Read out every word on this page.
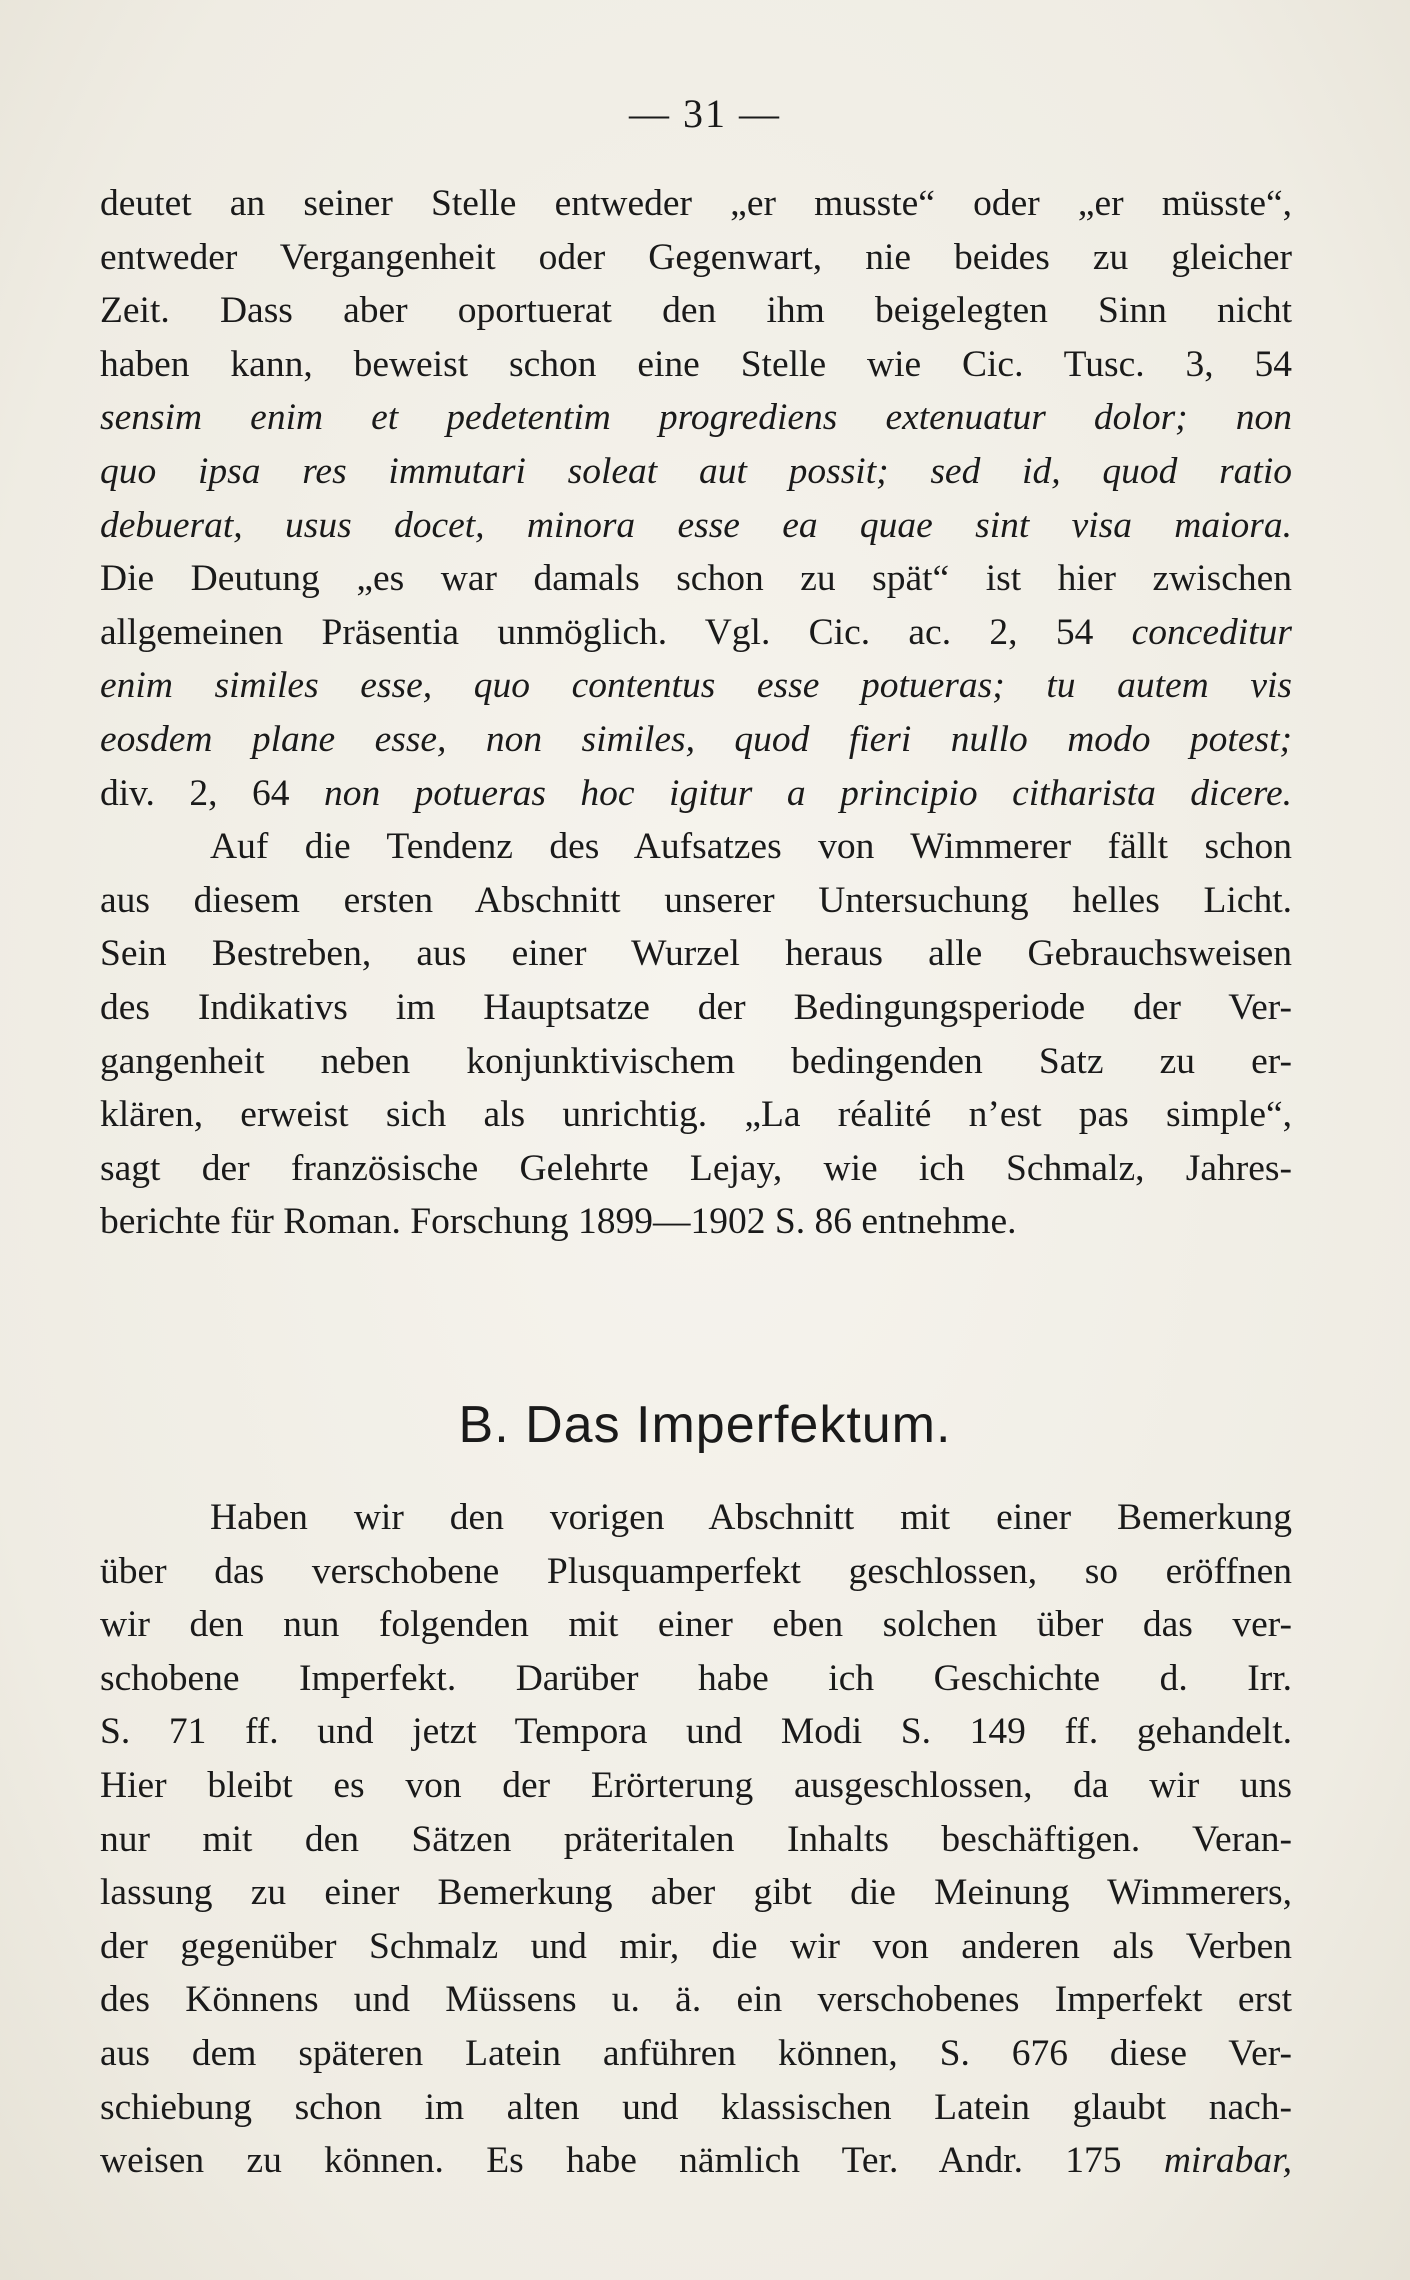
— 31 —
deutet an seiner Stelle entweder „er musste“ oder „er müsste“,
entweder Vergangenheit oder Gegenwart, nie beides zu gleicher
Zeit. Dass aber oportuerat den ihm beigelegten Sinn nicht
haben kann, beweist schon eine Stelle wie Cic. Tusc. 3, 54
sensim enim et pedetentim progrediens extenuatur dolor; non
quo ipsa res immutari soleat aut possit; sed id, quod ratio
debuerat, usus docet, minora esse ea quae sint visa maiora.
Die Deutung „es war damals schon zu spät“ ist hier zwischen
allgemeinen Präsentia unmöglich. Vgl. Cic. ac. 2, 54 conceditur
enim similes esse, quo contentus esse potueras; tu autem vis
eosdem plane esse, non similes, quod fieri nullo modo potest;
div. 2, 64 non potueras hoc igitur a principio citharista dicere.
Auf die Tendenz des Aufsatzes von Wimmerer fällt schon
aus diesem ersten Abschnitt unserer Untersuchung helles Licht.
Sein Bestreben, aus einer Wurzel heraus alle Gebrauchsweisen
des Indikativs im Hauptsatze der Bedingungsperiode der Ver-
gangenheit neben konjunktivischem bedingenden Satz zu er-
klären, erweist sich als unrichtig. „La réalité n’est pas simple“,
sagt der französische Gelehrte Lejay, wie ich Schmalz, Jahres-
berichte für Roman. Forschung 1899—1902 S. 86 entnehme.
B. Das Imperfektum.
Haben wir den vorigen Abschnitt mit einer Bemerkung
über das verschobene Plusquamperfekt geschlossen, so eröffnen
wir den nun folgenden mit einer eben solchen über das ver-
schobene Imperfekt. Darüber habe ich Geschichte d. Irr.
S. 71 ff. und jetzt Tempora und Modi S. 149 ff. gehandelt.
Hier bleibt es von der Erörterung ausgeschlossen, da wir uns
nur mit den Sätzen präteritalen Inhalts beschäftigen. Veran-
lassung zu einer Bemerkung aber gibt die Meinung Wimmerers,
der gegenüber Schmalz und mir, die wir von anderen als Verben
des Könnens und Müssens u. ä. ein verschobenes Imperfekt erst
aus dem späteren Latein anführen können, S. 676 diese Ver-
schiebung schon im alten und klassischen Latein glaubt nach-
weisen zu können. Es habe nämlich Ter. Andr. 175 mirabar,
